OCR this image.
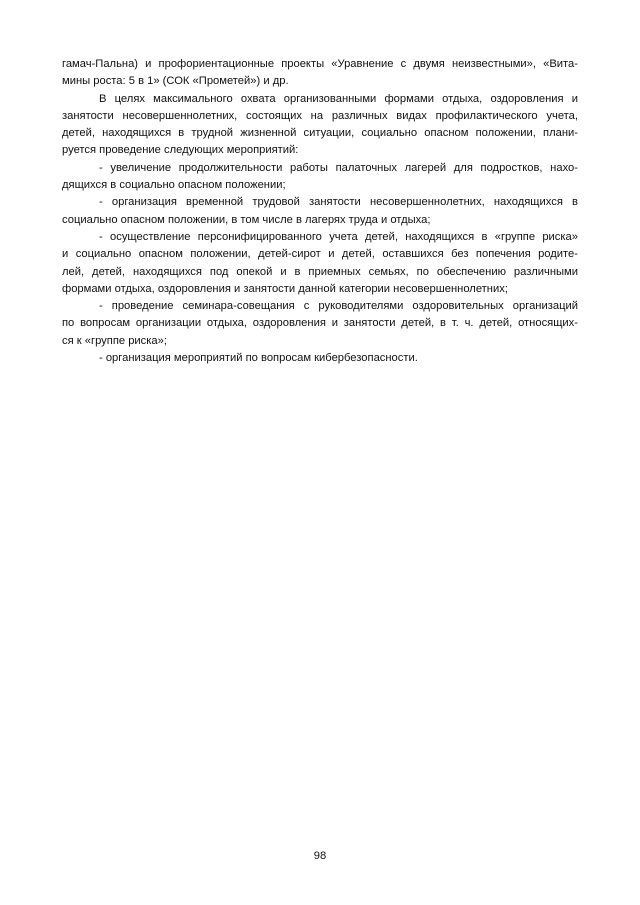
гамач-Пальна) и профориентационные проекты «Уравнение с двумя неизвестными», «Вита-
мины роста: 5 в 1» (СОК «Прометей») и др.
В целях максимального охвата организованными формами отдыха, оздоровления и
занятости несовершеннолетних, состоящих на различных видах профилактического учета,
детей, находящихся в трудной жизненной ситуации, социально опасном положении, плани-
руется проведение следующих мероприятий:
- увеличение продолжительности работы палаточных лагерей для подростков, нахо-
дящихся в социально опасном положении;
- организация временной трудовой занятости несовершеннолетних, находящихся в
социально опасном положении, в том числе в лагерях труда и отдыха;
- осуществление персонифицированного учета детей, находящихся в «группе риска»
и социально опасном положении, детей-сирот и детей, оставшихся без попечения родите-
лей, детей, находящихся под опекой и в приемных семьях, по обеспечению различными
формами отдыха, оздоровления и занятости данной категории несовершеннолетних;
- проведение семинара-совещания с руководителями оздоровительных организаций
по вопросам организации отдыха, оздоровления и занятости детей, в т. ч. детей, относящих-
ся к «группе риска»;
- организация мероприятий по вопросам кибербезопасности.
98
